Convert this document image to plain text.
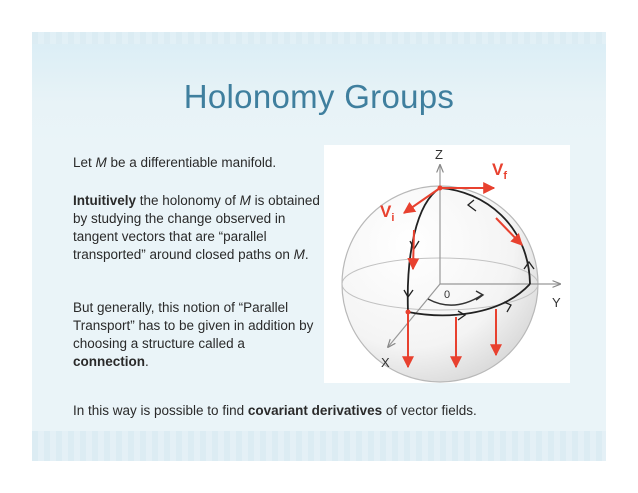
Holonomy Groups
Let M be a differentiable manifold.
Intuitively the holonomy of M is obtained by studying the change observed in tangent vectors that are “parallel transported” around closed paths on M.
But generally, this notion of “Parallel Transport” has to be given in addition by choosing a structure called a connection.
In this way is possible to find covariant derivatives of vector fields.
Z
Y
X
0
$V_f$
$V_i$
